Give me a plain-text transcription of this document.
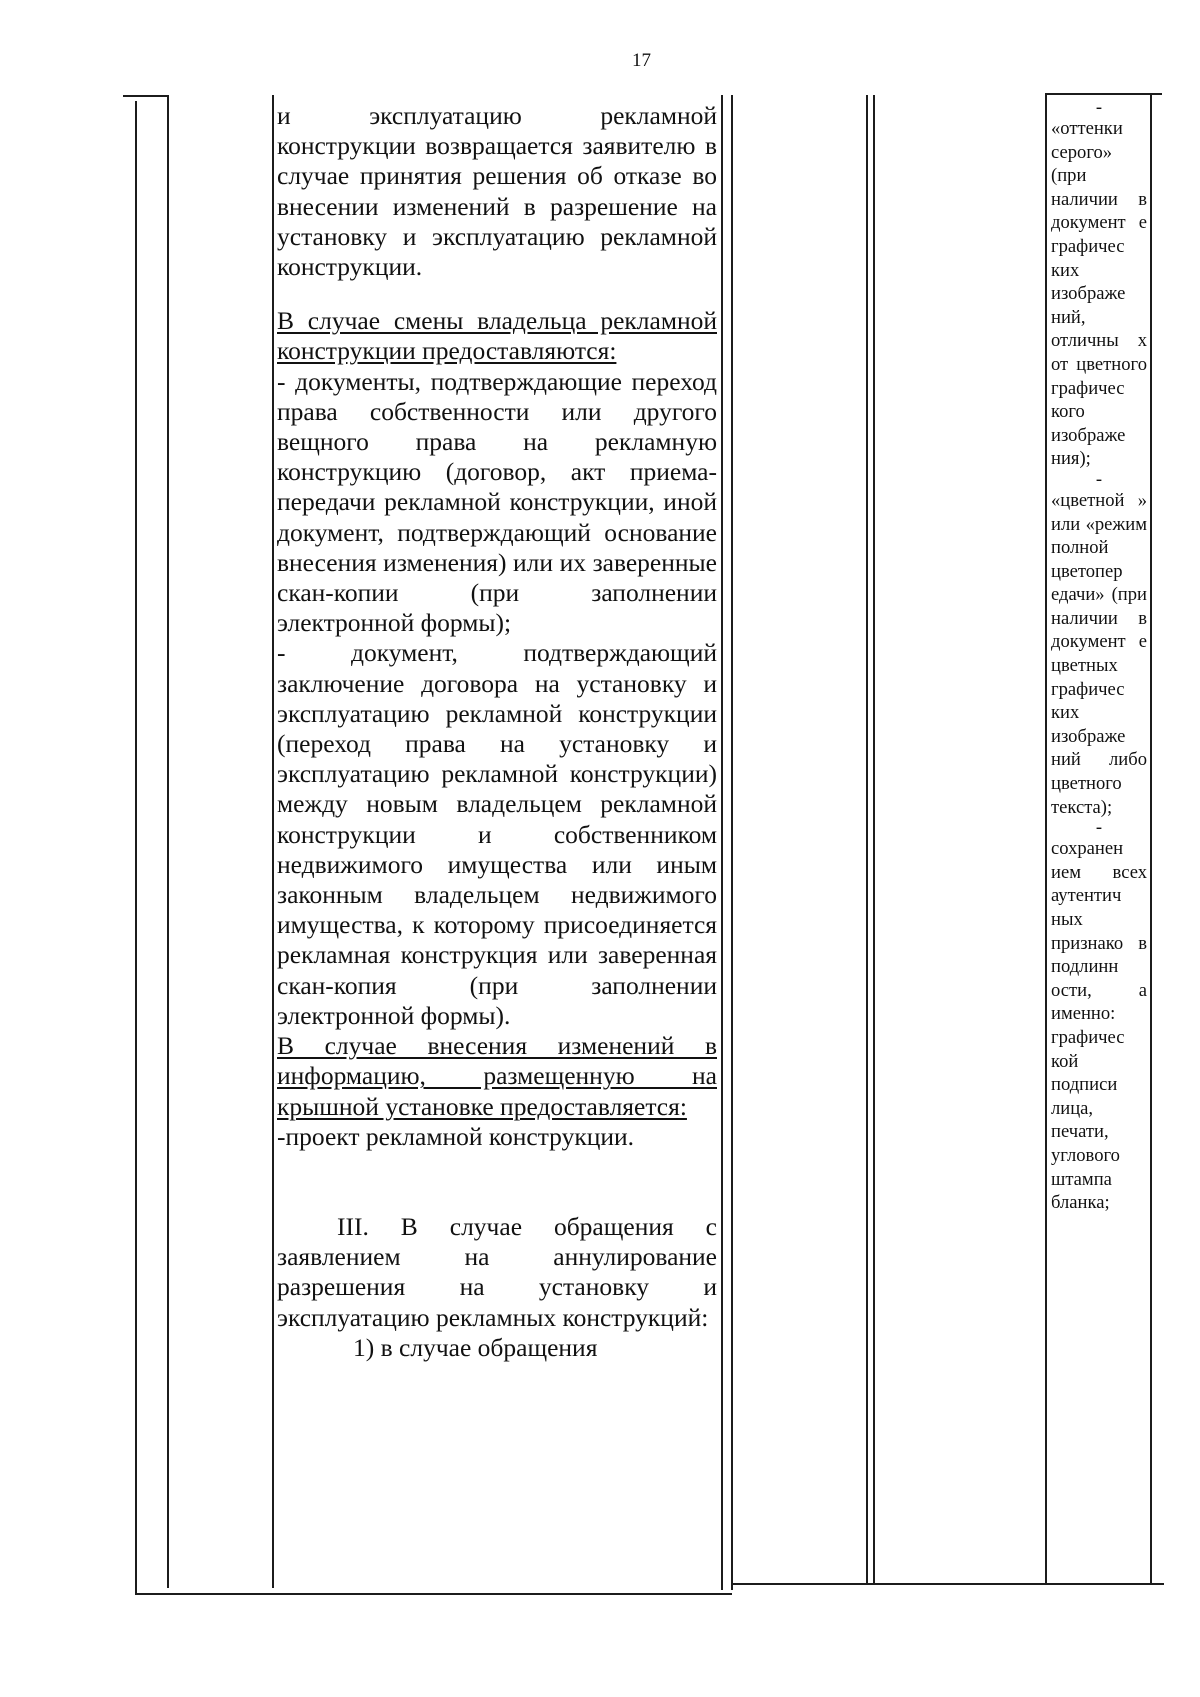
17

и эксплуатацию рекламной конструкции возвращается заявителю в случае принятия решения об отказе во внесении изменений в разрешение на установку и эксплуатацию рекламной конструкции.

В случае смены владельца рекламной конструкции предоставляются:

- документы, подтверждающие переход права собственности или другого вещного права на рекламную конструкцию (договор, акт приема-передачи рекламной конструкции, иной документ, подтверждающий основание внесения изменения) или их заверенные скан-копии (при заполнении электронной формы);

- документ, подтверждающий заключение договора на установку и эксплуатацию рекламной конструкции (переход права на установку и эксплуатацию рекламной конструкции) между новым владельцем рекламной конструкции и собственником недвижимого имущества или иным законным владельцем недвижимого имущества, к которому присоединяется рекламная конструкция или заверенная скан-копия (при заполнении электронной формы).

В случае внесения изменений в информацию, размещенную на крышной установке предоставляется:

-проект рекламной конструкции.

III. В случае обращения с заявлением на аннулирование разрешения на установку и эксплуатацию рекламных конструкций:

1) в случае обращения

-

«оттенки серого» (при наличии в документ е графичес ких изображе ний, отличны х от цветного графичес кого изображе ния);

-

«цветной » или «режим полной цветопер едачи» (при наличии в документ е цветных графичес ких изображе ний либо цветного текста);

-

сохранен ием всех аутентич ных признако в подлинн ости, а именно: графичес кой подписи лица, печати, углового штампа бланка;
